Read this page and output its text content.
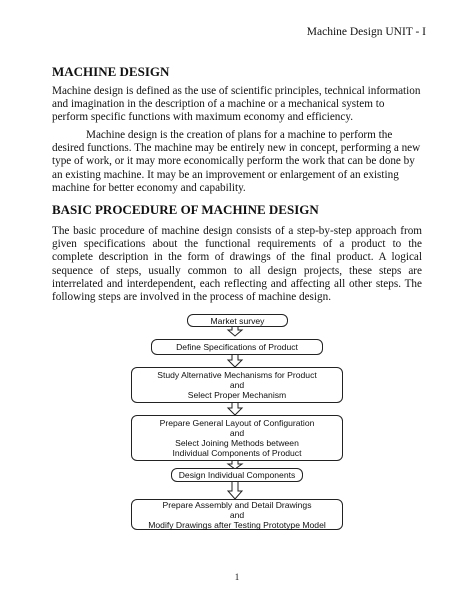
Machine Design UNIT - I
MACHINE DESIGN

Machine design is defined as the use of scientific principles, technical information and imagination in the description of a machine or a mechanical system to perform specific functions with maximum economy and efficiency.

Machine design is the creation of plans for a machine to perform the desired functions. The machine may be entirely new in concept, performing a new type of work, or it may more economically perform the work that can be done by an existing machine. It may be an improvement or enlargement of an existing machine for better economy and capability.

BASIC PROCEDURE OF MACHINE DESIGN

The basic procedure of machine design consists of a step-by-step approach from given specifications about the functional requirements of a product to the complete description in the form of drawings of the final product. A logical sequence of steps, usually common to all design projects, these steps are interrelated and interdependent, each reflecting and affecting all other steps. The following steps are involved in the process of machine design.

Market survey
Define Specifications of Product
Study Alternative Mechanisms for Product
and
Select Proper Mechanism
Prepare General Layout of Configuration
and
Select Joining Methods between
Individual Components of Product
Design Individual Components
Prepare Assembly and Detail Drawings
and
Modify Drawings after Testing Prototype Model
1
